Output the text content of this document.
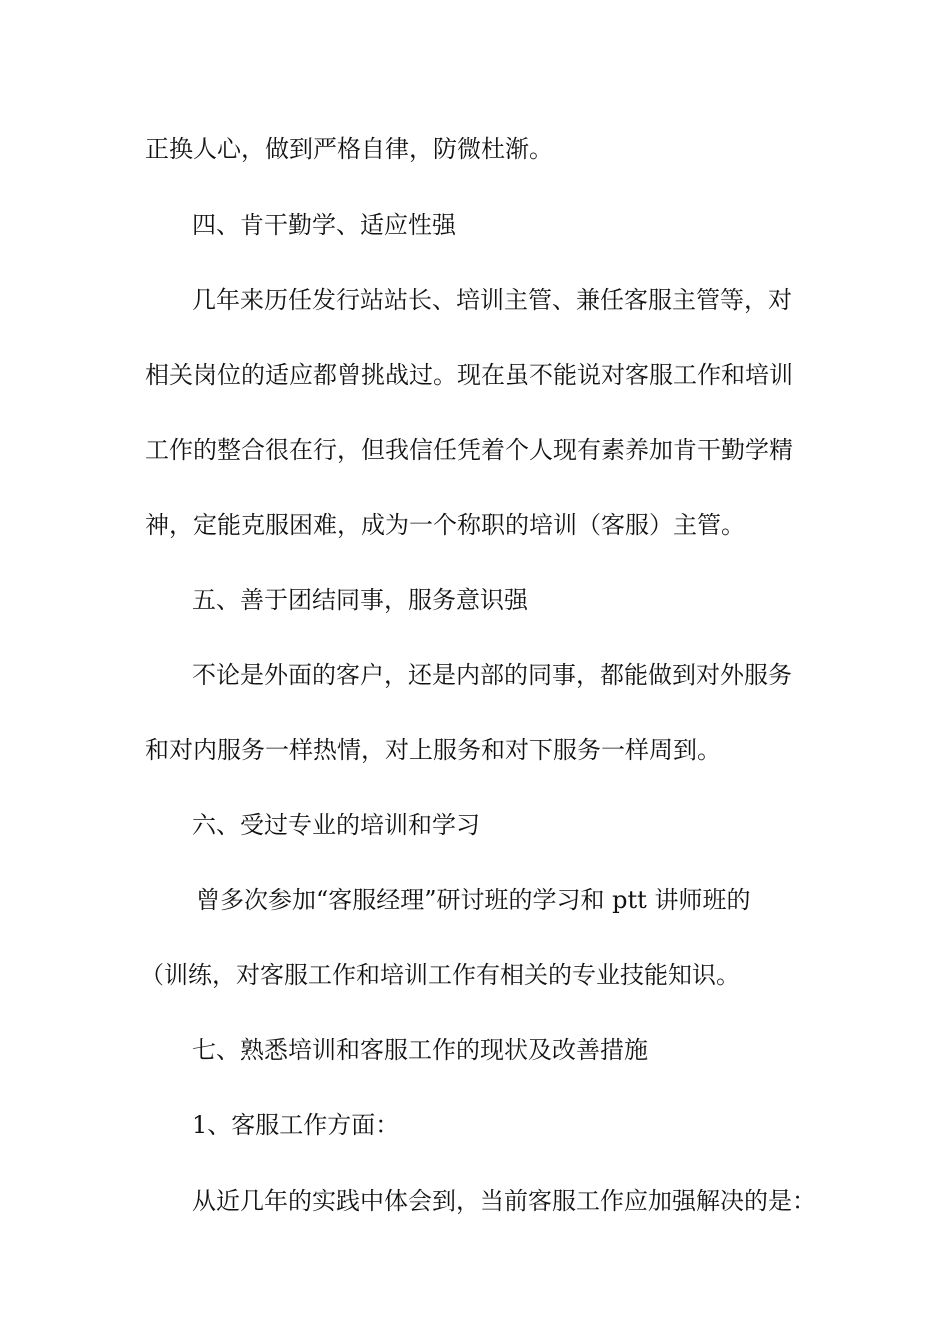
正换人心，做到严格自律，防微杜渐。
四、肯干勤学、适应性强
几年来历任发行站站长、培训主管、兼任客服主管等，对
相关岗位的适应都曾挑战过。现在虽不能说对客服工作和培训
工作的整合很在行，但我信任凭着个人现有素养加肯干勤学精
神，定能克服困难，成为一个称职的培训（客服）主管。
五、善于团结同事，服务意识强
不论是外面的客户，还是内部的同事，都能做到对外服务
和对内服务一样热情，对上服务和对下服务一样周到。
六、受过专业的培训和学习
曾多次参加“客服经理”研讨班的学习和 ptt 讲师班的
（训练，对客服工作和培训工作有相关的专业技能知识。
七、熟悉培训和客服工作的现状及改善措施
1、客服工作方面：
从近几年的实践中体会到，当前客服工作应加强解决的是：
